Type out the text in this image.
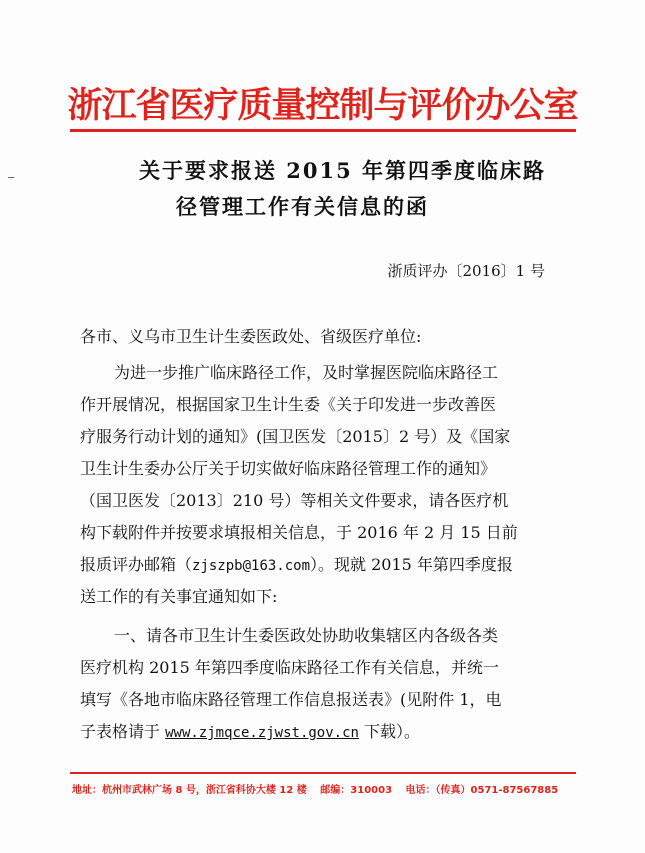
浙江省医疗质量控制与评价办公室
关于要求报送 2015 年第四季度临床路
径管理工作有关信息的函
浙质评办〔2016〕1 号
各市、义乌市卫生计生委医政处、省级医疗单位:
为进一步推广临床路径工作，及时掌握医院临床路径工
作开展情况，根据国家卫生计生委《关于印发进一步改善医
疗服务行动计划的通知》(国卫医发〔2015〕2 号）及《国家
卫生计生委办公厅关于切实做好临床路径管理工作的通知》
（国卫医发〔2013〕210 号）等相关文件要求，请各医疗机
构下载附件并按要求填报相关信息，于 2016 年 2 月 15 日前
报质评办邮箱（zjszpb@163.com）。现就 2015 年第四季度报
送工作的有关事宜通知如下:
一、请各市卫生计生委医政处协助收集辖区内各级各类
医疗机构 2015 年第四季度临床路径工作有关信息，并统一
填写《各地市临床路径管理工作信息报送表》(见附件 1，电
子表格请于 www.zjmqce.zjwst.gov.cn 下载）。
地址：杭州市武林广场 8 号，浙江省科协大楼 12 楼 邮编：310003 电话：（传真）0571-87567885
